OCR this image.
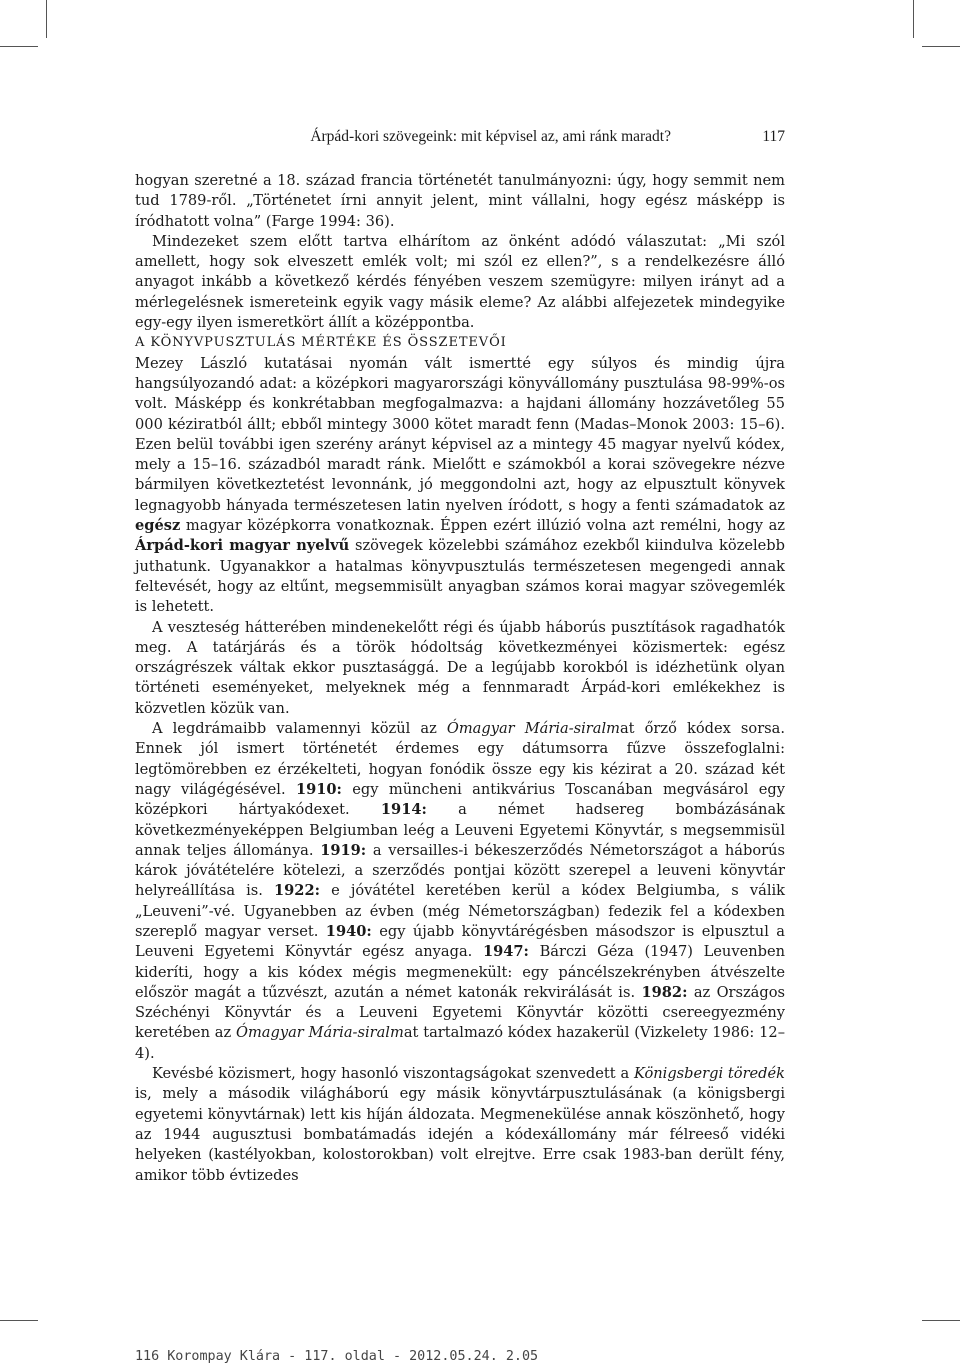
Árpád-kori szövegeink: mit képvisel az, ami ránk maradt?	117

hogyan szeretné a 18. század francia történetét tanulmányozni: úgy, hogy semmit nem tud 1789-ről. „Történetet írni annyit jelent, mint vállalni, hogy egész másképp is íródhatott volna” (Farge 1994: 36).

Mindezeket szem előtt tartva elhárítom az önként adódó válaszutat: „Mi szól amellett, hogy sok elveszett emlék volt; mi szól ez ellen?”, s a rendelkezésre álló anyagot inkább a következő kérdés fényében veszem szemügyre: milyen irányt ad a mérlegelésnek ismereteink egyik vagy másik eleme? Az alábbi alfejezetek mindegyike egy-egy ilyen ismeretkört állít a középpontba.

A KÖNYVPUSZTULÁS MÉRTÉKE ÉS ÖSSZETEVŐI

Mezey László kutatásai nyomán vált ismertté egy súlyos és mindig újra hangsúlyozandó adat: a középkori magyarországi könyvállomány pusztulása 98-99%-os volt. Másképp és konkrétabban megfogalmazva: a hajdani állomány hozzávetőleg 55 000 kéziratból állt; ebből mintegy 3000 kötet maradt fenn (Madas–Monok 2003: 15–6). Ezen belül további igen szerény arányt képvisel az a mintegy 45 magyar nyelvű kódex, mely a 15–16. századból maradt ránk. Mielőtt e számokból a korai szövegekre nézve bármilyen következtetést levonnánk, jó meggondolni azt, hogy az elpusztult könyvek legnagyobb hányada természetesen latin nyelven íródott, s hogy a fenti számadatok az egész magyar középkorra vonatkoznak. Éppen ezért illúzió volna azt remélni, hogy az Árpád-kori magyar nyelvű szövegek közelebbi számához ezekből kiindulva közelebb juthatunk. Ugyanakkor a hatalmas könyvpusztulás természetesen megengedi annak feltevését, hogy az eltűnt, megsemmisült anyagban számos korai magyar szövegemlék is lehetett.

A veszteség hátterében mindenekelőtt régi és újabb háborús pusztítások ragadhatók meg. A tatárjárás és a török hódoltság következményei közismertek: egész országrészek váltak ekkor pusztasággá. De a legújabb korokból is idézhetünk olyan történeti eseményeket, melyeknek még a fennmaradt Árpád-kori emlékekhez is közvetlen közük van.

A legdrámaibb valamennyi közül az Ómagyar Mária-siralmat őrző kódex sorsa. Ennek jól ismert történetét érdemes egy dátumsorra fűzve összefoglalni: legtömörebben ez érzékelteti, hogyan fonódik össze egy kis kézirat a 20. század két nagy világégésével. 1910: egy müncheni antikvárius Toscanában megvásárol egy középkori hártyakódexet. 1914: a német hadsereg bombázásának következményeképpen Belgiumban leég a Leuveni Egyetemi Könyvtár, s megsemmisül annak teljes állománya. 1919: a versailles-i békeszerződés Németországot a háborús károk jóvátételére kötelezi, a szerződés pontjai között szerepel a leuveni könyvtár helyreállítása is. 1922: e jóvátétel keretében kerül a kódex Belgiumba, s válik „Leuveni”-vé. Ugyanebben az évben (még Németországban) fedezik fel a kódexben szereplő magyar verset. 1940: egy újabb könyvtárégésben másodszor is elpusztul a Leuveni Egyetemi Könyvtár egész anyaga. 1947: Bárczi Géza (1947) Leuvenben kideríti, hogy a kis kódex mégis megmenekült: egy páncélszekrényben átvészelte először magát a tűzvészt, azután a német katonák rekvirálását is. 1982: az Országos Széchényi Könyvtár és a Leuveni Egyetemi Könyvtár közötti csereegyezmény keretében az Ómagyar Mária-siralmat tartalmazó kódex hazakerül (Vizkelety 1986: 12–4).

Kevésbé közismert, hogy hasonló viszontagságokat szenvedett a Königsbergi töredék is, mely a második világháború egy másik könyvtárpusztulásának (a königsbergi egyetemi könyvtárnak) lett kis híján áldozata. Megmenekülése annak köszönhető, hogy az 1944 augusztusi bombatámadás idején a kódexállomány már félreeső vidéki helyeken (kastélyokban, kolostorokban) volt elrejtve. Erre csak 1983-ban derült fény, amikor több évtizedes

116 Korompay Klára - 117. oldal - 2012.05.24. 2.05
